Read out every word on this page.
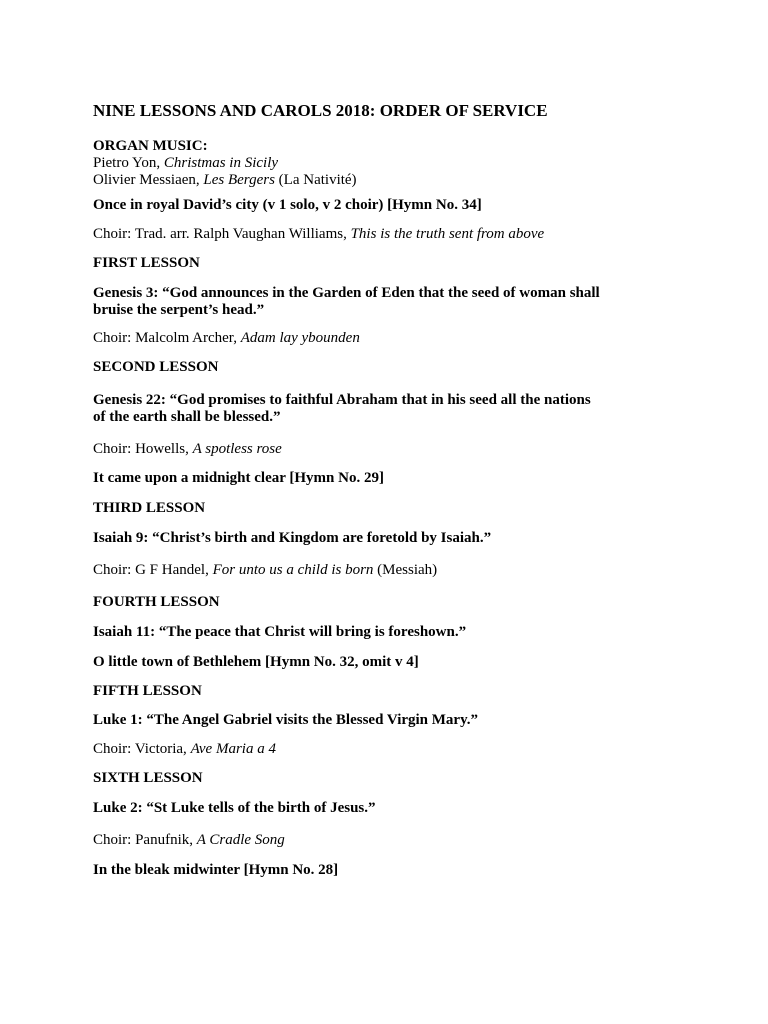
NINE LESSONS AND CAROLS 2018: ORDER OF SERVICE
ORGAN MUSIC:
Pietro Yon, Christmas in Sicily
Olivier Messiaen, Les Bergers (La Nativité)
Once in royal David’s city (v 1 solo, v 2 choir) [Hymn No. 34]
Choir: Trad. arr. Ralph Vaughan Williams, This is the truth sent from above
FIRST LESSON
Genesis 3: “God announces in the Garden of Eden that the seed of woman shall
bruise the serpent’s head.”
Choir: Malcolm Archer, Adam lay ybounden
SECOND LESSON
Genesis 22: “God promises to faithful Abraham that in his seed all the nations
of the earth shall be blessed.”
Choir: Howells, A spotless rose
It came upon a midnight clear [Hymn No. 29]
THIRD LESSON
Isaiah 9: “Christ’s birth and Kingdom are foretold by Isaiah.”
Choir: G F Handel, For unto us a child is born (Messiah)
FOURTH LESSON
Isaiah 11: “The peace that Christ will bring is foreshown.”
O little town of Bethlehem [Hymn No. 32, omit v 4]
FIFTH LESSON
Luke 1: “The Angel Gabriel visits the Blessed Virgin Mary.”
Choir: Victoria, Ave Maria a 4
SIXTH LESSON
Luke 2: “St Luke tells of the birth of Jesus.”
Choir: Panufnik, A Cradle Song
In the bleak midwinter [Hymn No. 28]
